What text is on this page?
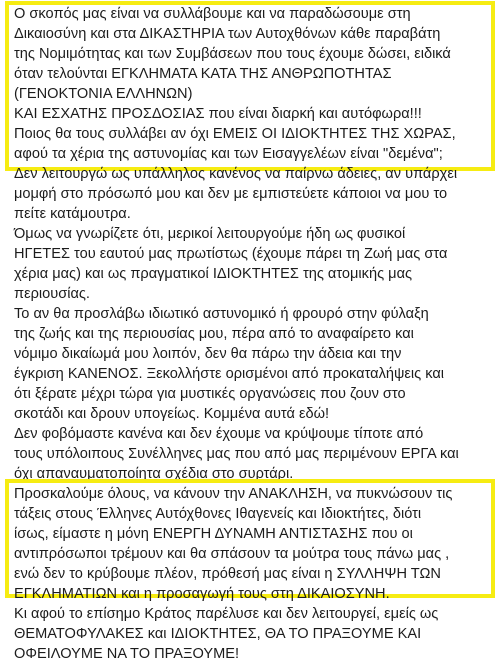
Ο σκοπός μας είναι να συλλάβουμε και να παραδώσουμε στη
Δικαιοσύνη και στα ΔΙΚΑΣΤΗΡΙΑ των Αυτοχθόνων κάθε παραβάτη
της Νομιμότητας και των Συμβάσεων που τους έχουμε δώσει, ειδικά
όταν τελούνται ΕΓΚΛΗΜΑΤΑ ΚΑΤΑ ΤΗΣ ΑΝΘΡΩΠΟΤΗΤΑΣ
(ΓΕΝΟΚΤΟΝΙΑ ΕΛΛΗΝΩΝ)
ΚΑΙ ΕΣΧΑΤΗΣ ΠΡΟΣΔΟΣΙΑΣ που είναι διαρκή και αυτόφωρα!!!
Ποιος θα τους συλλάβει αν όχι ΕΜΕΙΣ ΟΙ ΙΔΙΟΚΤΗΤΕΣ ΤΗΣ ΧΩΡΑΣ,
αφού τα χέρια της αστυνομίας και των Εισαγγελέων είναι "δεμένα";
Δεν λειτουργώ ως υπάλληλος κανένος να παίρνω άδειες, αν υπάρχει
μομφή στο πρόσωπό μου και δεν με εμπιστεύετε κάποιοι να μου το
πείτε κατάμουτρα.
Όμως να γνωρίζετε ότι, μερικοί λειτουργούμε ήδη ως φυσικοί
ΗΓΕΤΕΣ του εαυτού μας πρωτίστως (έχουμε πάρει τη Ζωή μας στα
χέρια μας) και ως πραγματικοί ΙΔΙΟΚΤΗΤΕΣ της ατομικής μας
περιουσίας.
Το αν θα προσλάβω ιδιωτικό αστυνομικό ή φρουρό στην φύλαξη
της ζωής και της περιουσίας μου, πέρα από το αναφαίρετο και
νόμιμο δικαίωμά μου λοιπόν, δεν θα πάρω την άδεια και την
έγκριση ΚΑΝΕΝΟΣ. Ξεκολλήστε ορισμένοι από προκαταλήψεις και
ότι ξέρατε μέχρι τώρα για μυστικές οργανώσεις που ζουν στο
σκοτάδι και δρουν υπογείως. Κομμένα αυτά εδώ!
Δεν φοβόμαστε κανένα και δεν έχουμε να κρύψουμε τίποτε από
τους υπόλοιπους Συνέλληνες μας που από μας περιμένουν ΕΡΓΑ και
όχι απαναυματοποίητα σχέδια στο συρτάρι.
Προσκαλούμε όλους, να κάνουν την ΑΝΑΚΛΗΣΗ, να πυκνώσουν τις
τάξεις στους Έλληνες Αυτόχθονες Ιθαγενείς και Ιδιοκτήτες, διότι
ίσως, είμαστε η μόνη ΕΝΕΡΓΗ ΔΥΝΑΜΗ ΑΝΤΙΣΤΑΣΗΣ που οι
αντιπρόσωποι τρέμουν και θα σπάσουν τα μούτρα τους πάνω μας ,
ενώ δεν το κρύβουμε πλέον, πρόθεσή μας είναι η ΣΥΛΛΗΨΗ ΤΩΝ
ΕΓΚΛΗΜΑΤΙΩΝ και η προσαγωγή τους στη ΔΙΚΑΙΟΣΥΝΗ.
Κι αφού το επίσημο Κράτος παρέλυσε και δεν λειτουργεί, εμείς ως
ΘΕΜΑΤΟΦΥΛΑΚΕΣ και ΙΔΙΟΚΤΗΤΕΣ, ΘΑ ΤΟ ΠΡΑΞΟΥΜΕ ΚΑΙ
ΟΦΕΙΛΟΥΜΕ ΝΑ ΤΟ ΠΡΑΞΟΥΜΕ!
